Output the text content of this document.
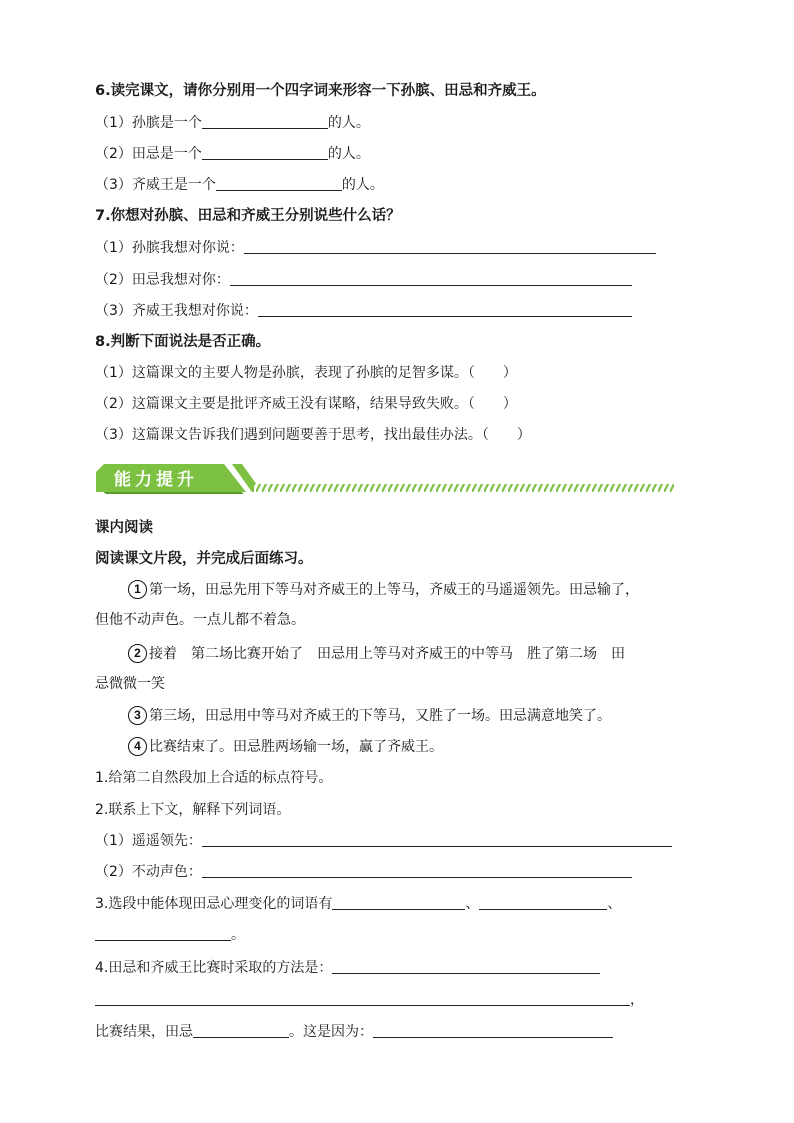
6.读完课文，请你分别用一个四字词来形容一下孙膑、田忌和齐威王。
（1）孙膑是一个	的人。
（2）田忌是一个	的人。
（3）齐威王是一个	的人。
7.你想对孙膑、田忌和齐威王分别说些什么话？
（1）孙膑我想对你说：
（2）田忌我想对你：
（3）齐威王我想对你说：
8.判断下面说法是否正确。
（1）这篇课文的主要人物是孙膑，表现了孙膑的足智多谋。（　　）
（2）这篇课文主要是批评齐威王没有谋略，结果导致失败。（　　）
（3）这篇课文告诉我们遇到问题要善于思考，找出最佳办法。（　　）
能力提升
课内阅读
阅读课文片段，并完成后面练习。
1 第一场，田忌先用下等马对齐威王的上等马，齐威王的马遥遥领先。田忌输了，
但他不动声色。一点儿都不着急。
2 接着　第二场比赛开始了　田忌用上等马对齐威王的中等马　胜了第二场　田
忌微微一笑
3 第三场，田忌用中等马对齐威王的下等马，又胜了一场。田忌满意地笑了。
4 比赛结束了。田忌胜两场输一场，赢了齐威王。
1.给第二自然段加上合适的标点符号。
2.联系上下文，解释下列词语。
（1）遥遥领先：
（2）不动声色：
3.选段中能体现田忌心理变化的词语有	、	、
。
4.田忌和齐威王比赛时采取的方法是：
，
比赛结果，田忌	。这是因为：
